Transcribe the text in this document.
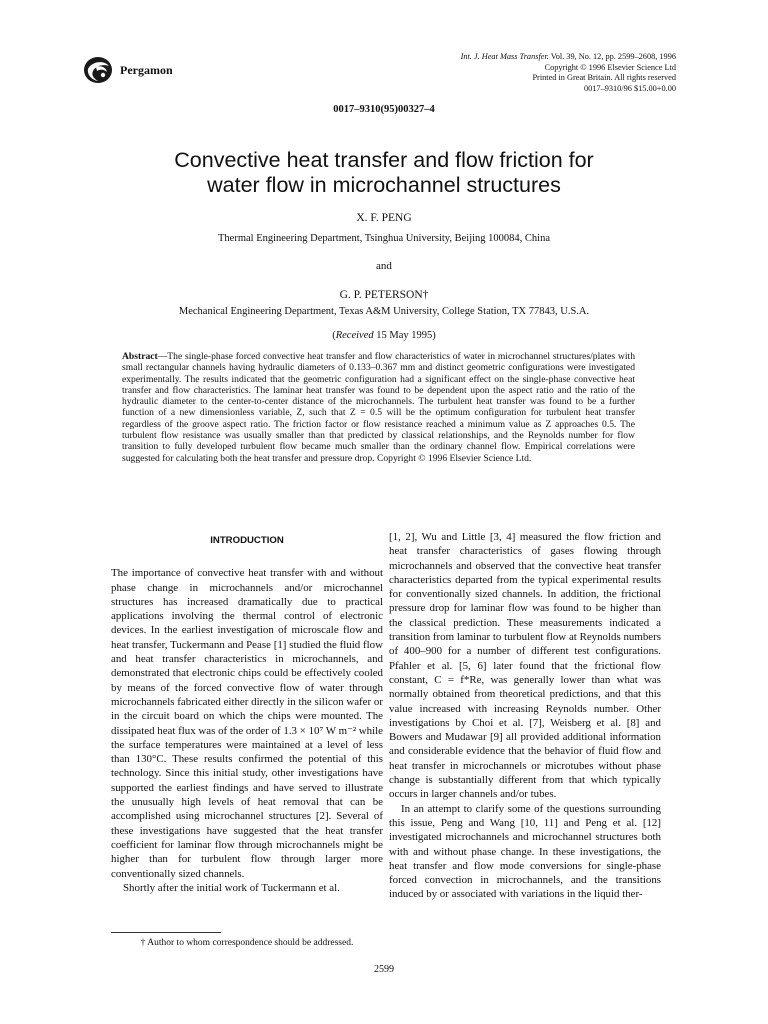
Pergamon
Int. J. Heat Mass Transfer. Vol. 39, No. 12, pp. 2599–2608, 1996
Copyright © 1996 Elsevier Science Ltd
Printed in Great Britain. All rights reserved
0017–9310/96 $15.00+0.00
0017–9310(95)00327–4
Convective heat transfer and flow friction for
water flow in microchannel structures
X. F. PENG
Thermal Engineering Department, Tsinghua University, Beijing 100084, China
and
G. P. PETERSON†
Mechanical Engineering Department, Texas A&M University, College Station, TX 77843, U.S.A.
(Received 15 May 1995)
Abstract—The single-phase forced convective heat transfer and flow characteristics of water in microchannel structures/plates with small rectangular channels having hydraulic diameters of 0.133–0.367 mm and distinct geometric configurations were investigated experimentally. The results indicated that the geometric configuration had a significant effect on the single-phase convective heat transfer and flow characteristics. The laminar heat transfer was found to be dependent upon the aspect ratio and the ratio of the hydraulic diameter to the center-to-center distance of the microchannels. The turbulent heat transfer was found to be a further function of a new dimensionless variable, Z, such that Z = 0.5 will be the optimum configuration for turbulent heat transfer regardless of the groove aspect ratio. The friction factor or flow resistance reached a minimum value as Z approaches 0.5. The turbulent flow resistance was usually smaller than that predicted by classical relationships, and the Reynolds number for flow transition to fully developed turbulent flow became much smaller than the ordinary channel flow. Empirical correlations were suggested for calculating both the heat transfer and pressure drop. Copyright © 1996 Elsevier Science Ltd.
INTRODUCTION

The importance of convective heat transfer with and without phase change in microchannels and/or microchannel structures has increased dramatically due to practical applications involving the thermal control of electronic devices. In the earliest investigation of microscale flow and heat transfer, Tuckermann and Pease [1] studied the fluid flow and heat transfer characteristics in microchannels, and demonstrated that electronic chips could be effectively cooled by means of the forced convective flow of water through microchannels fabricated either directly in the silicon wafer or in the circuit board on which the chips were mounted. The dissipated heat flux was of the order of 1.3 × 10⁷ W m⁻² while the surface temperatures were maintained at a level of less than 130°C. These results confirmed the potential of this technology. Since this initial study, other investigations have supported the earliest findings and have served to illustrate the unusually high levels of heat removal that can be accomplished using microchannel structures [2]. Several of these investigations have suggested that the heat transfer coefficient for laminar flow through microchannels might be higher than for turbulent flow through larger more conventionally sized channels.

Shortly after the initial work of Tuckermann et al.

[1, 2], Wu and Little [3, 4] measured the flow friction and heat transfer characteristics of gases flowing through microchannels and observed that the convective heat transfer characteristics departed from the typical experimental results for conventionally sized channels. In addition, the frictional pressure drop for laminar flow was found to be higher than the classical prediction. These measurements indicated a transition from laminar to turbulent flow at Reynolds numbers of 400–900 for a number of different test configurations. Pfahler et al. [5, 6] later found that the frictional flow constant, C = f*Re, was generally lower than what was normally obtained from theoretical predictions, and that this value increased with increasing Reynolds number. Other investigations by Choi et al. [7], Weisberg et al. [8] and Bowers and Mudawar [9] all provided additional information and considerable evidence that the behavior of fluid flow and heat transfer in microchannels or microtubes without phase change is substantially different from that which typically occurs in larger channels and/or tubes.

In an attempt to clarify some of the questions surrounding this issue, Peng and Wang [10, 11] and Peng et al. [12] investigated microchannels and microchannel structures both with and without phase change. In these investigations, the heat transfer and flow mode conversions for single-phase forced convection in microchannels, and the transitions induced by or associated with variations in the liquid ther-

† Author to whom correspondence should be addressed.
2599
